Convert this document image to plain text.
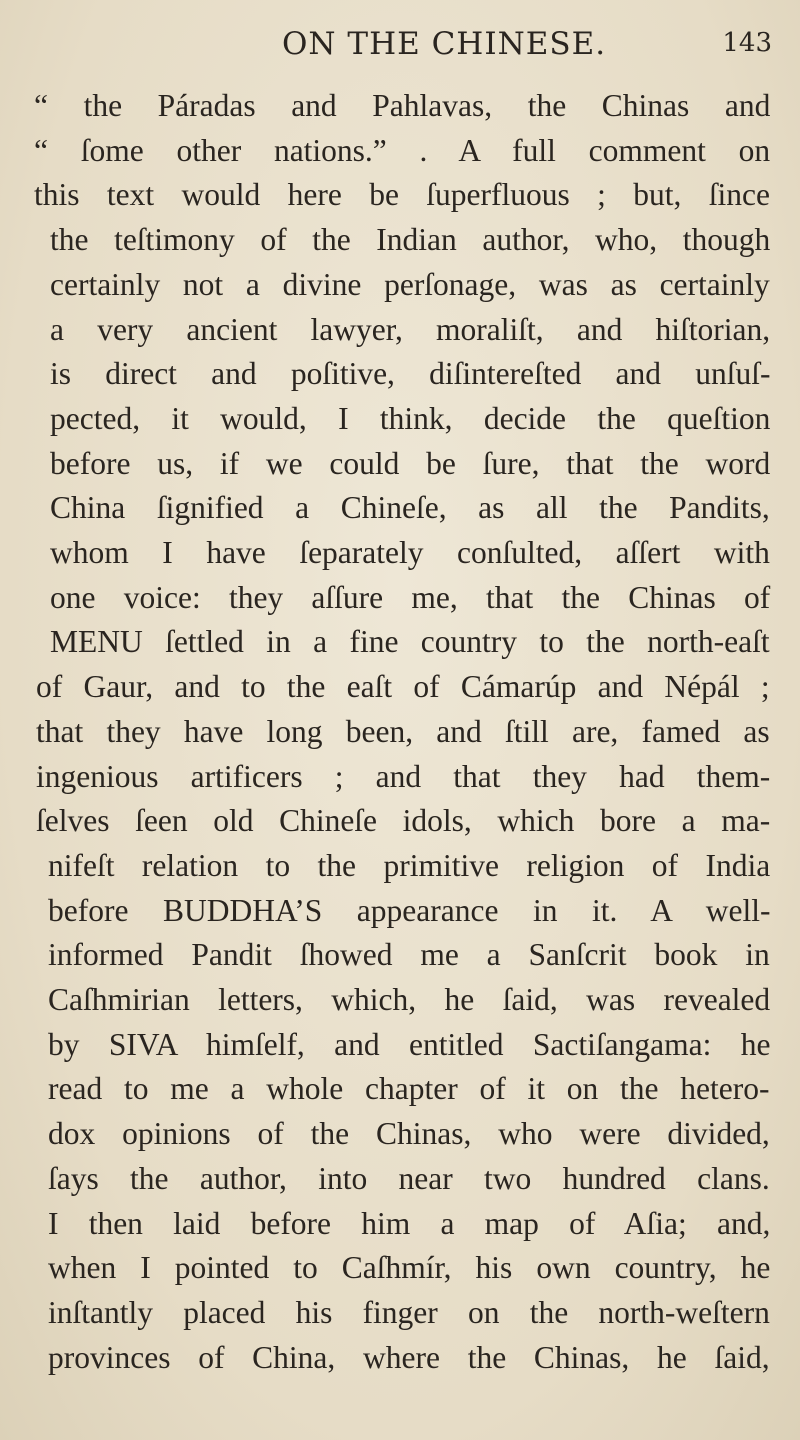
ON THE CHINESE.	143
“ the Páradas and Pahlavas, the Chinas and
“ ſome other nations.” . A full comment on
this text would here be ſuperfluous ; but, ſince
the teſtimony of the Indian author, who, though
certainly not a divine perſonage, was as certainly
a very ancient lawyer, moraliſt, and hiſtorian,
is direct and poſitive, diſintereſted and unſuſ-
pected, it would, I think, decide the queſtion
before us, if we could be ſure, that the word
China ſignified a Chineſe, as all the Pandits,
whom I have ſeparately conſulted, aſſert with
one voice: they aſſure me, that the Chinas of
MENU ſettled in a fine country to the north-eaſt
of Gaur, and to the eaſt of Cámarúp and Népál ;
that they have long been, and ſtill are, famed as
ingenious artificers ; and that they had them-
ſelves ſeen old Chineſe idols, which bore a ma-
nifeſt relation to the primitive religion of India
before BUDDHA’S appearance in it. A well-
informed Pandit ſhowed me a Sanſcrit book in
Caſhmirian letters, which, he ſaid, was revealed
by SIVA himſelf, and entitled Sactiſangama: he
read to me a whole chapter of it on the hetero-
dox opinions of the Chinas, who were divided,
ſays the author, into near two hundred clans.
I then laid before him a map of Aſia; and,
when I pointed to Caſhmír, his own country, he
inſtantly placed his finger on the north-weſtern
provinces of China, where the Chinas, he ſaid,
